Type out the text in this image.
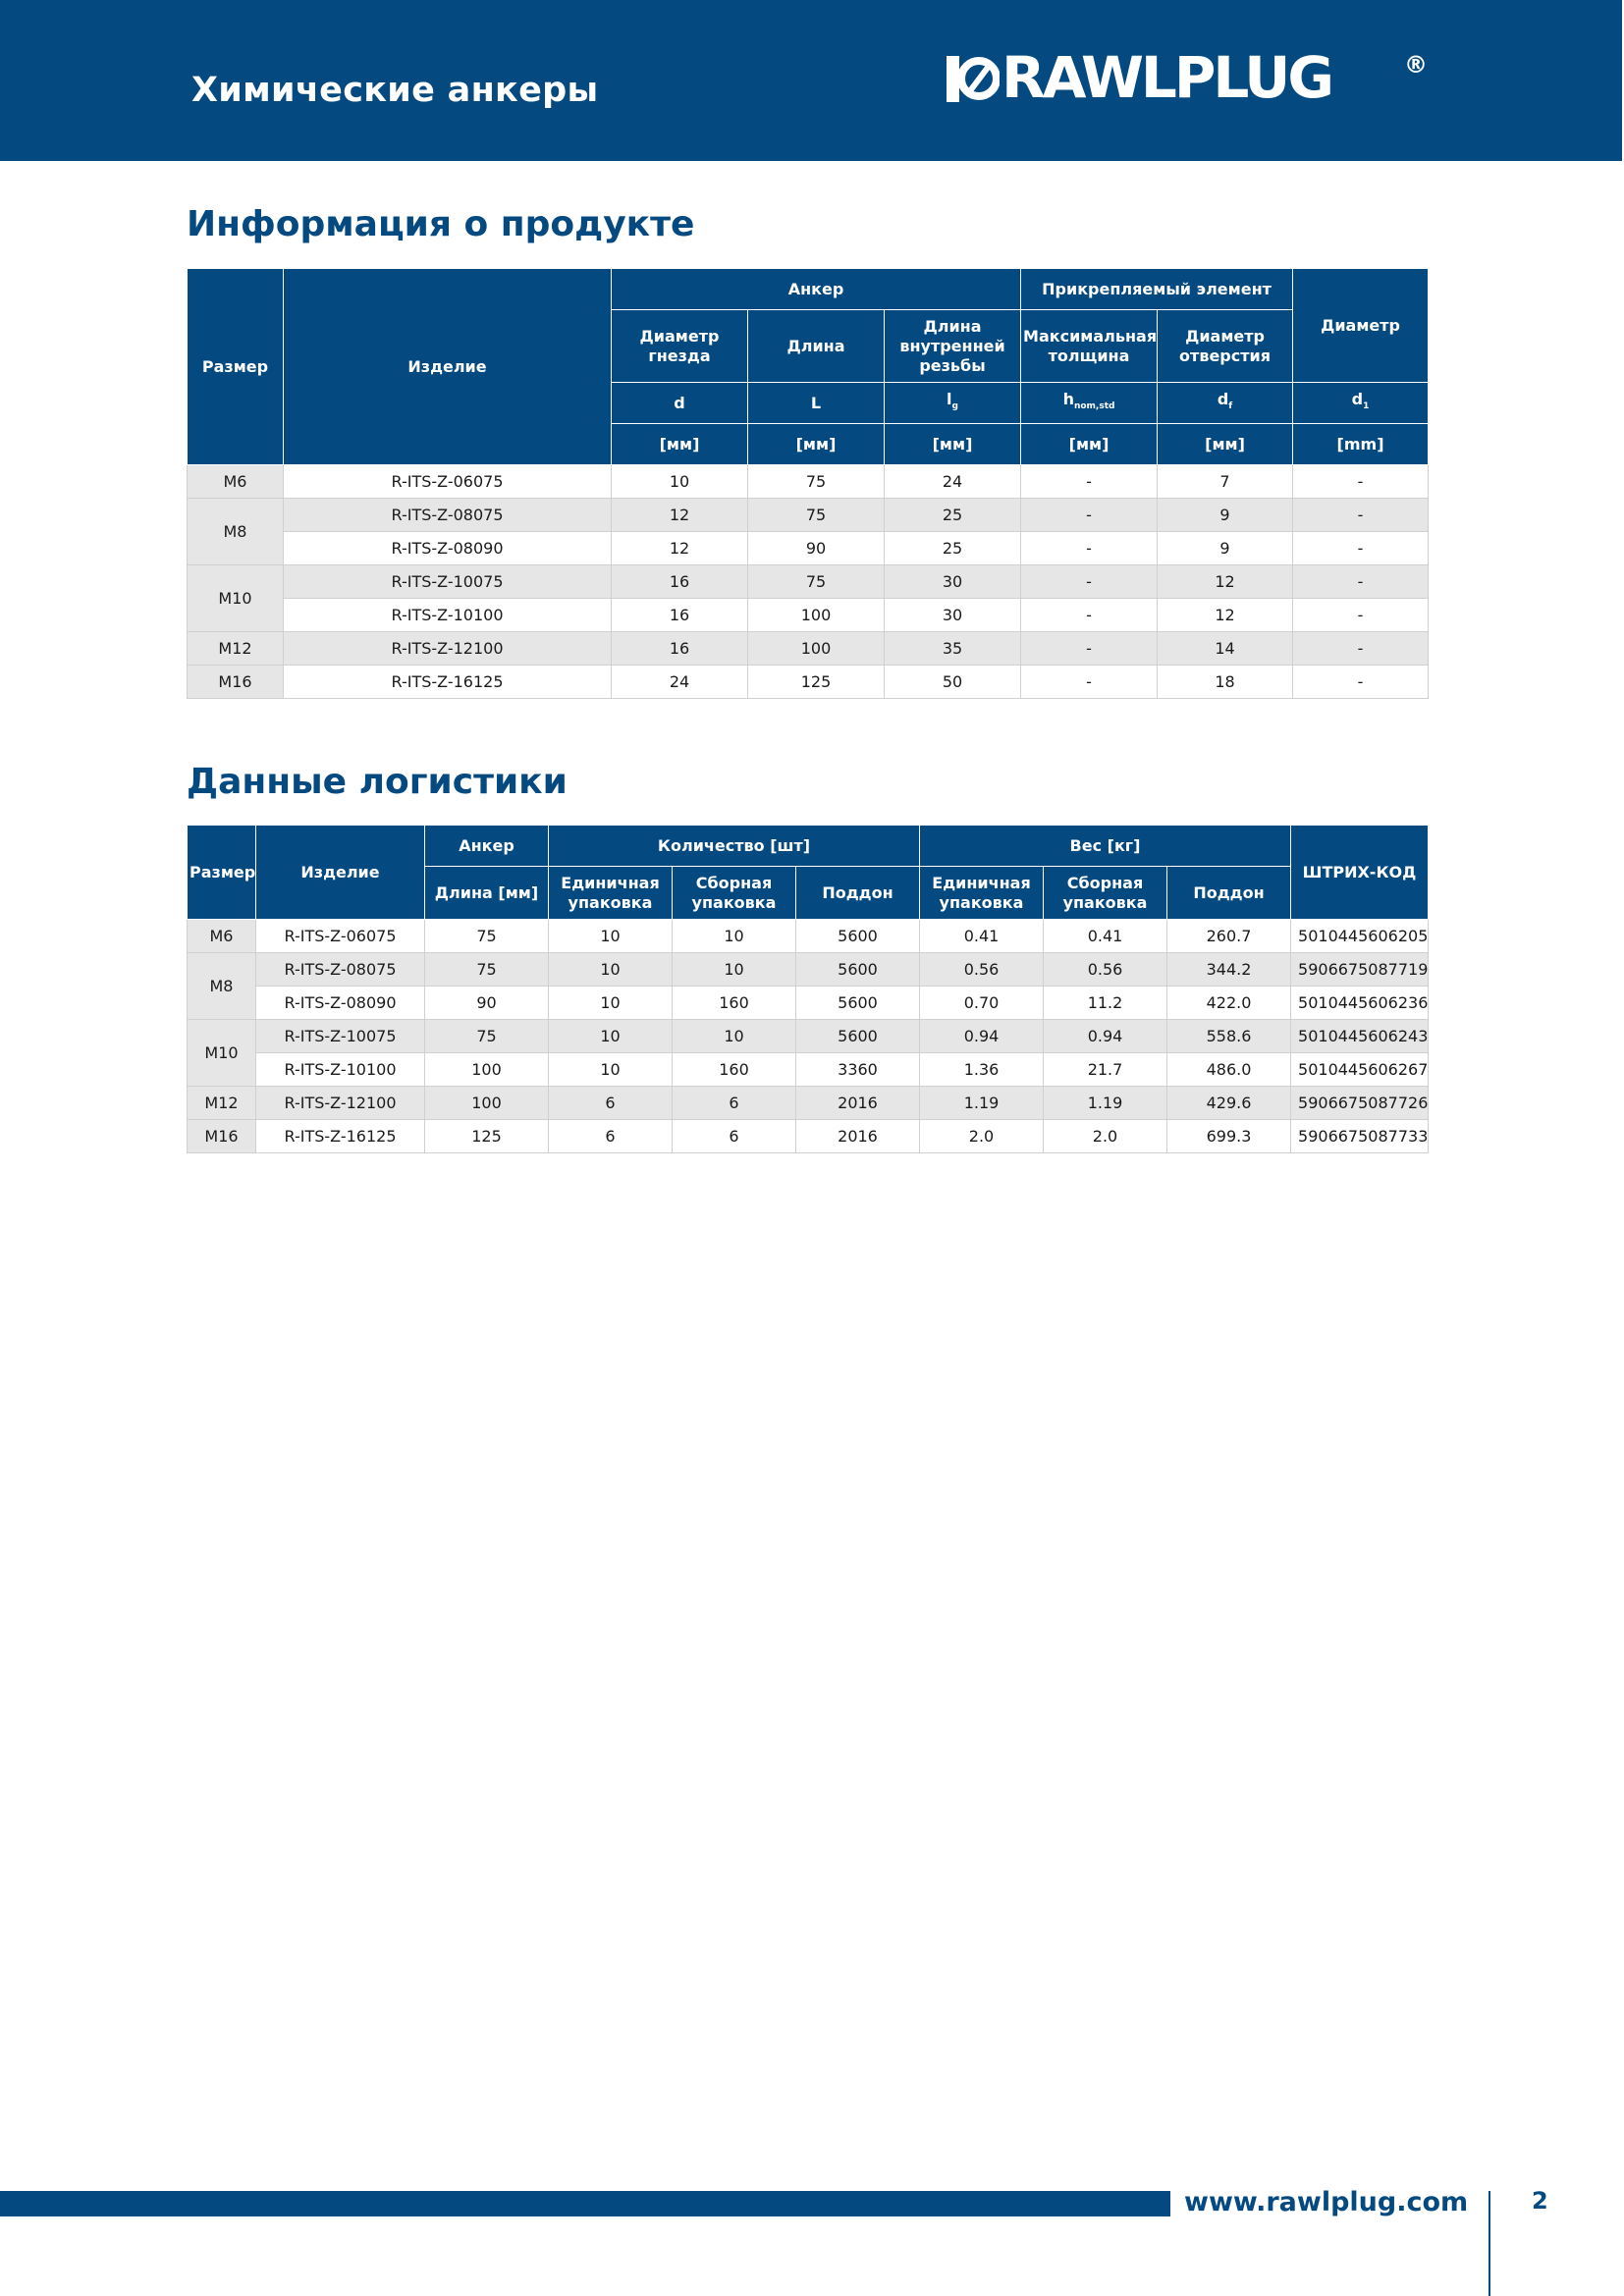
Химические анкеры	RAWLPLUG	®
Информация о продукте
Размер	Изделие	Анкер			Прикрепляемый элемент		Диаметр
		Диаметр гнезда	Длина	Длина внутренней резьбы	Максимальная толщина	Диаметр отверстия	
		d	L	$l_g$	$h_{nom,std}$	$d_f$	$d_1$
		[мм]	[мм]	[мм]	[мм]	[мм]	[mm]
M6	R-ITS-Z-06075	10	75	24	-	7	-
M8	R-ITS-Z-08075	12	75	25	-	9	-
	R-ITS-Z-08090	12	90	25	-	9	-
M10	R-ITS-Z-10075	16	75	30	-	12	-
	R-ITS-Z-10100	16	100	30	-	12	-
M12	R-ITS-Z-12100	16	100	35	-	14	-
M16	R-ITS-Z-16125	24	125	50	-	18	-
Данные логистики
Размер	Изделие	Анкер	Количество [шт]			Вес [кг]			ШТРИХ-КОД
		Длина [мм]	Единичная упаковка	Сборная упаковка	Поддон	Единичная упаковка	Сборная упаковка	Поддон	
M6	R-ITS-Z-06075	75	10	10	5600	0.41	0.41	260.7	5010445606205
M8	R-ITS-Z-08075	75	10	10	5600	0.56	0.56	344.2	5906675087719
	R-ITS-Z-08090	90	10	160	5600	0.70	11.2	422.0	5010445606236
M10	R-ITS-Z-10075	75	10	10	5600	0.94	0.94	558.6	5010445606243
	R-ITS-Z-10100	100	10	160	3360	1.36	21.7	486.0	5010445606267
M12	R-ITS-Z-12100	100	6	6	2016	1.19	1.19	429.6	5906675087726
M16	R-ITS-Z-16125	125	6	6	2016	2.0	2.0	699.3	5906675087733
www.rawlplug.com	2
